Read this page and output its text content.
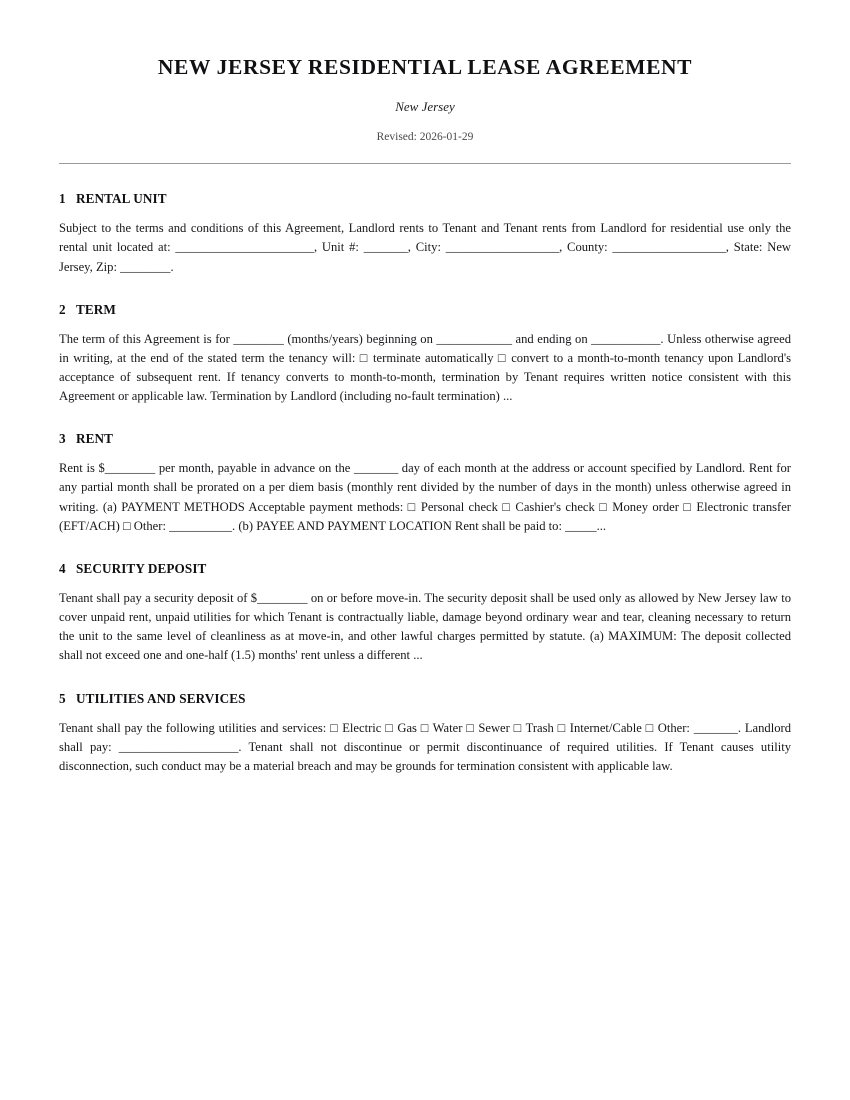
NEW JERSEY RESIDENTIAL LEASE AGREEMENT
New Jersey
Revised: 2026-01-29
1 RENTAL UNIT

Subject to the terms and conditions of this Agreement, Landlord rents to Tenant and Tenant rents from Landlord for residential use only the rental unit located at: ______________________, Unit #: _______, City: __________________, County: __________________, State: New Jersey, Zip: ________.

2 TERM

The term of this Agreement is for ________ (months/years) beginning on ____________ and ending on ___________. Unless otherwise agreed in writing, at the end of the stated term the tenancy will: □ terminate automatically □ convert to a month-to-month tenancy upon Landlord's acceptance of subsequent rent. If tenancy converts to month-to-month, termination by Tenant requires written notice consistent with this Agreement or applicable law. Termination by Landlord (including no-fault termination) ...

3 RENT

Rent is $________ per month, payable in advance on the _______ day of each month at the address or account specified by Landlord. Rent for any partial month shall be prorated on a per diem basis (monthly rent divided by the number of days in the month) unless otherwise agreed in writing. (a) PAYMENT METHODS Acceptable payment methods: □ Personal check □ Cashier's check □ Money order □ Electronic transfer (EFT/ACH) □ Other: __________. (b) PAYEE AND PAYMENT LOCATION Rent shall be paid to: _____...

4 SECURITY DEPOSIT

Tenant shall pay a security deposit of $________ on or before move-in. The security deposit shall be used only as allowed by New Jersey law to cover unpaid rent, unpaid utilities for which Tenant is contractually liable, damage beyond ordinary wear and tear, cleaning necessary to return the unit to the same level of cleanliness as at move-in, and other lawful charges permitted by statute. (a) MAXIMUM: The deposit collected shall not exceed one and one-half (1.5) months' rent unless a different ...

5 UTILITIES AND SERVICES

Tenant shall pay the following utilities and services: □ Electric □ Gas □ Water □ Sewer □ Trash □ Internet/Cable □ Other: _______. Landlord shall pay: ___________________. Tenant shall not discontinue or permit discontinuance of required utilities. If Tenant causes utility disconnection, such conduct may be a material breach and may be grounds for termination consistent with applicable law.
